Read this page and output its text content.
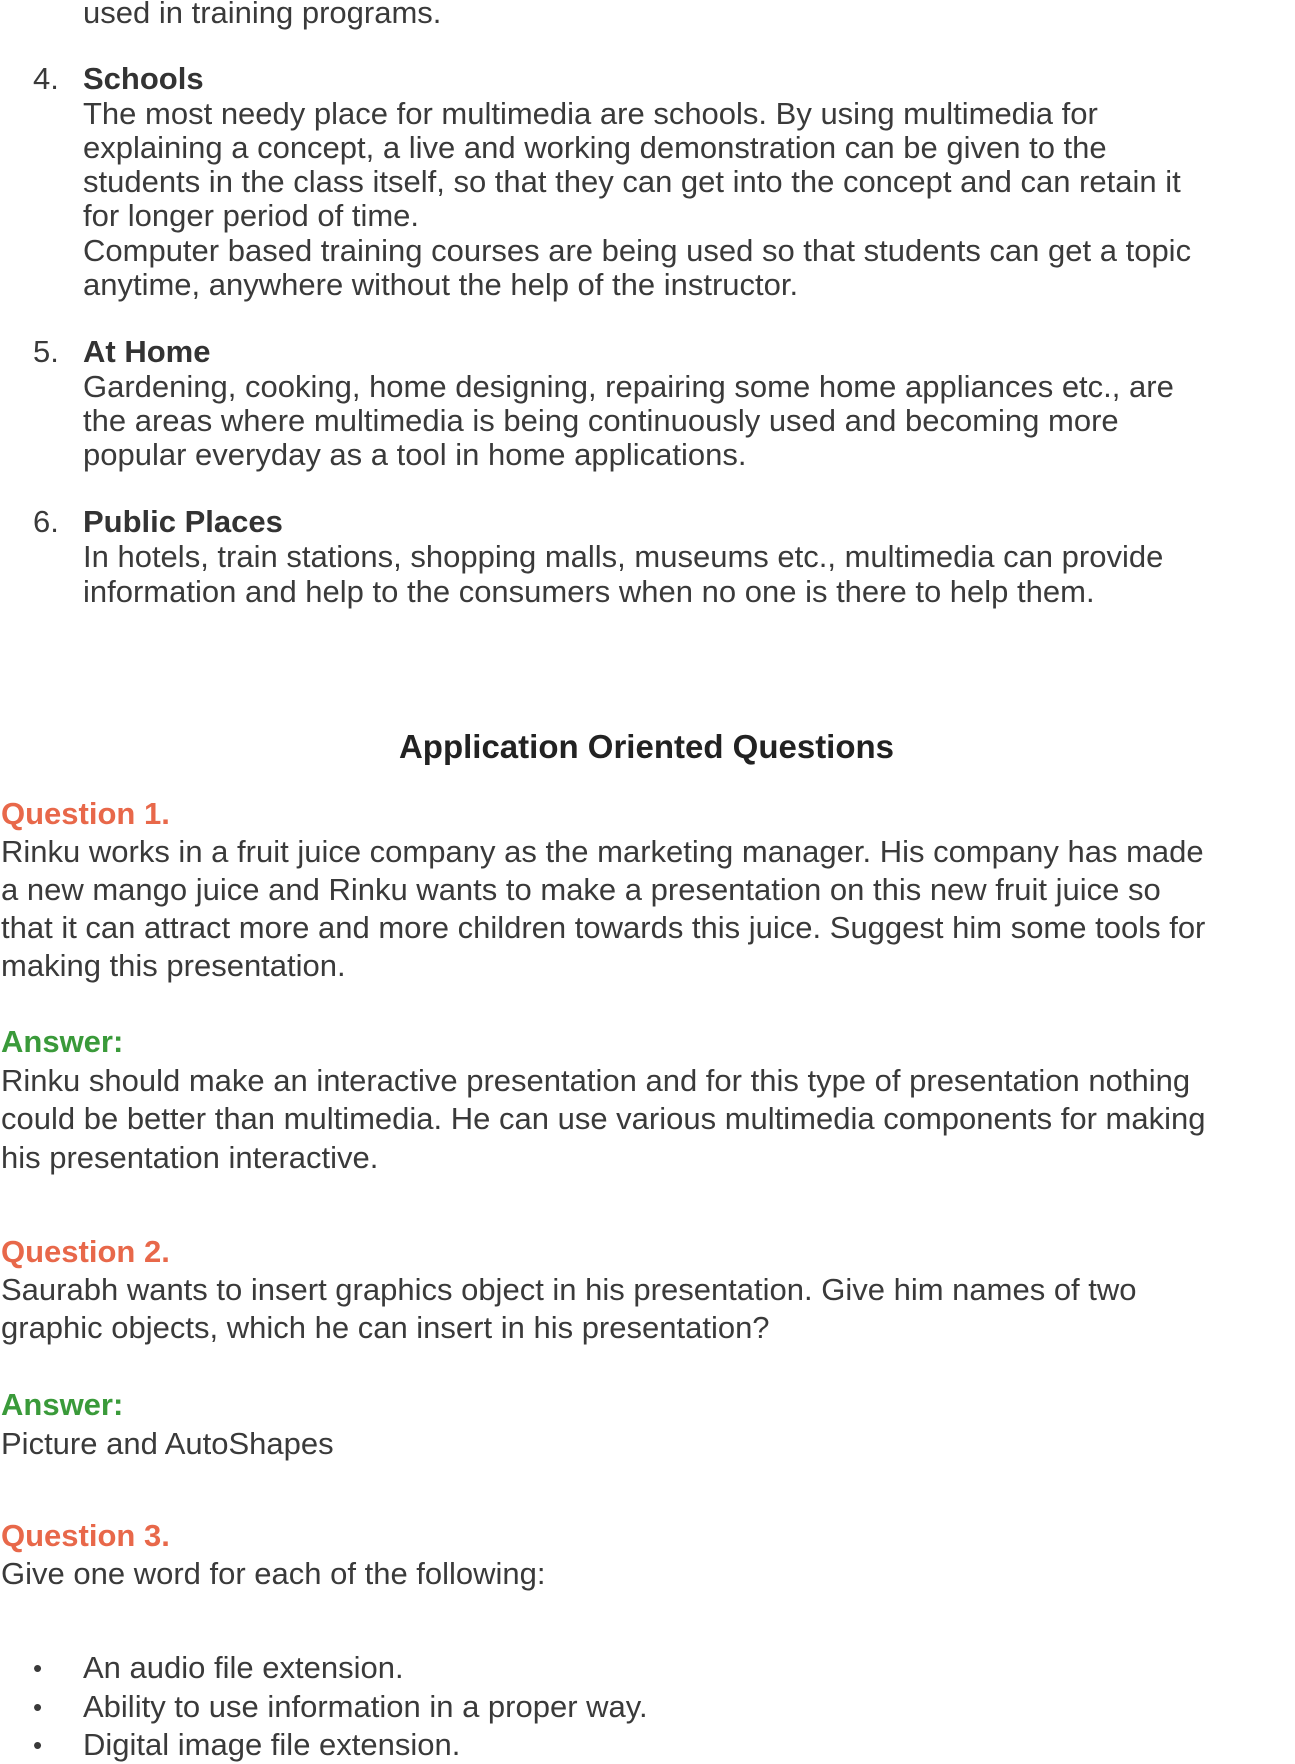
used in training programs.
4. Schools
The most needy place for multimedia are schools. By using multimedia for
explaining a concept, a live and working demonstration can be given to the
students in the class itself, so that they can get into the concept and can retain it
for longer period of time.
Computer based training courses are being used so that students can get a topic
anytime, anywhere without the help of the instructor.
5. At Home
Gardening, cooking, home designing, repairing some home appliances etc., are
the areas where multimedia is being continuously used and becoming more
popular everyday as a tool in home applications.
6. Public Places
In hotels, train stations, shopping malls, museums etc., multimedia can provide
information and help to the consumers when no one is there to help them.
Application Oriented Questions
Question 1.
Rinku works in a fruit juice company as the marketing manager. His company has made
a new mango juice and Rinku wants to make a presentation on this new fruit juice so
that it can attract more and more children towards this juice. Suggest him some tools for
making this presentation.
Answer:
Rinku should make an interactive presentation and for this type of presentation nothing
could be better than multimedia. He can use various multimedia components for making
his presentation interactive.
Question 2.
Saurabh wants to insert graphics object in his presentation. Give him names of two
graphic objects, which he can insert in his presentation?
Answer:
Picture and AutoShapes
Question 3.
Give one word for each of the following:
• An audio file extension.
• Ability to use information in a proper way.
• Digital image file extension.
